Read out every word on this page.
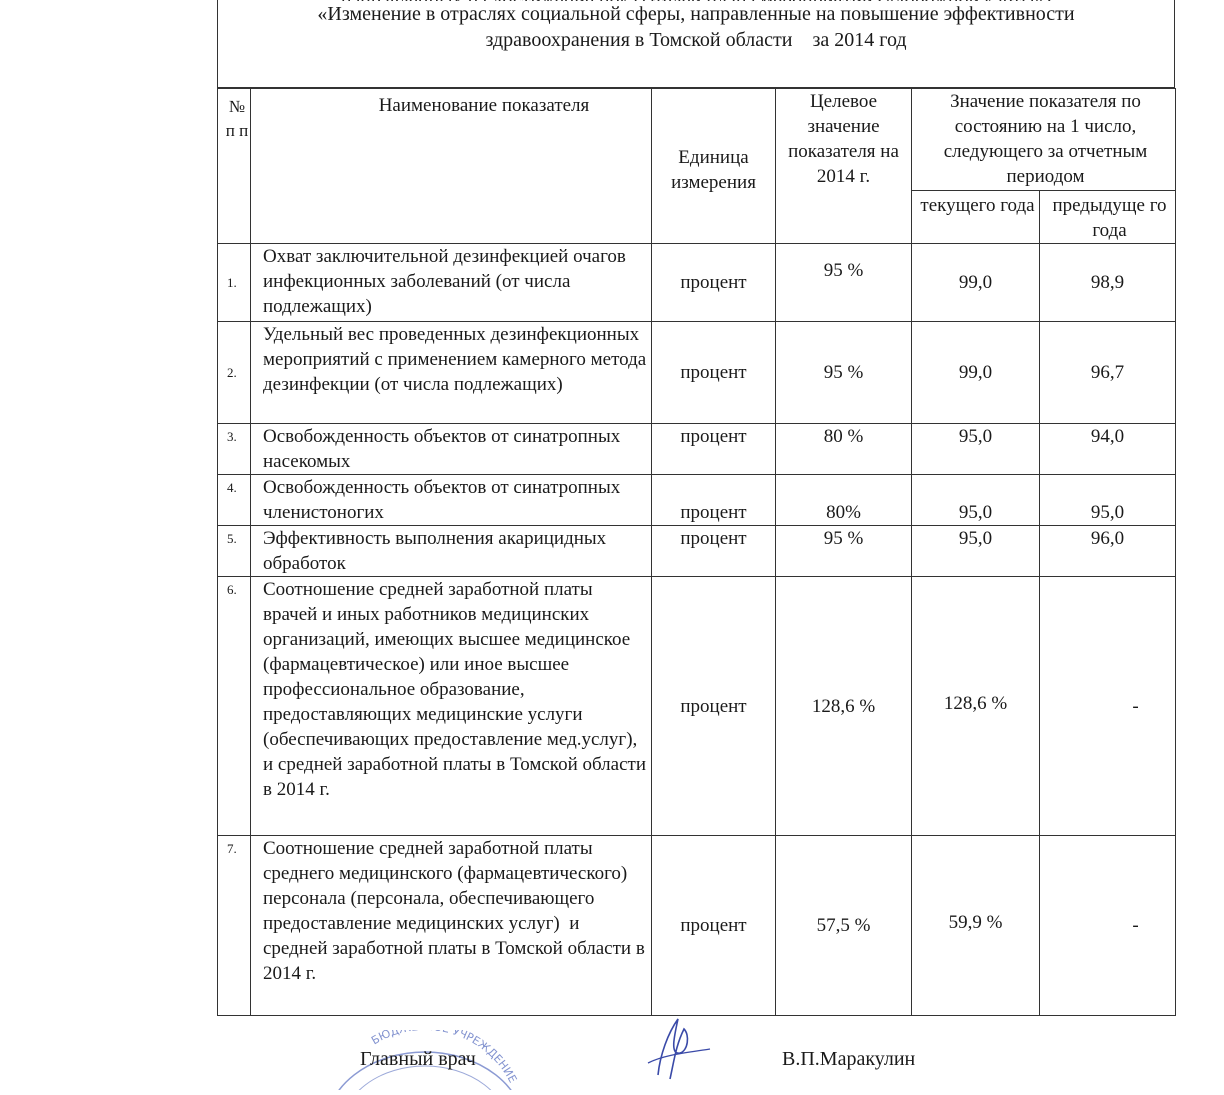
«Изменение в отраслях социальной сферы, направленные на повышение эффективности
здравоохранения в Томской области    за 2014 год
№ п п	Наименование показателя	Единица измерения	Целевое значение показателя на 2014 г.	Значение показателя по состоянию на 1 число, следующего за отчетным периодом	
				текущего года	предыдуще го года
1.	Охват заключительной дезинфекцией очагов инфекционных заболеваний (от числа подлежащих)	процент	95 %	99,0	98,9
2.	Удельный вес проведенных дезинфекционных мероприятий с применением камерного метода дезинфекции (от числа подлежащих)	процент	95 %	99,0	96,7
3.	Освобожденность объектов от синатропных насекомых	процент	80 %	95,0	94,0
4.	Освобожденность объектов от синатропных членистоногих	процент	80%	95,0	95,0
5.	Эффективность выполнения акарицидных обработок	процент	95 %	95,0	96,0
6.	Соотношение средней заработной платы врачей и иных работников медицинских организаций, имеющих высшее медицинское (фармацевтическое) или иное высшее профессиональное образование, предоставляющих медицинские услуги (обеспечивающих предоставление мед.услуг), и средней заработной платы в Томской области в 2014 г.	процент	128,6 %	128,6 %	-
7.	Соотношение средней заработной платы среднего медицинского (фармацевтического) персонала (персонала, обеспечивающего предоставление медицинских услуг)  и средней заработной платы в Томской области в 2014 г.	процент	57,5 %	59,9 %	-
БЮД УЧРЕЖДЕНИЕ
Главный врач	В.П.Маракулин
